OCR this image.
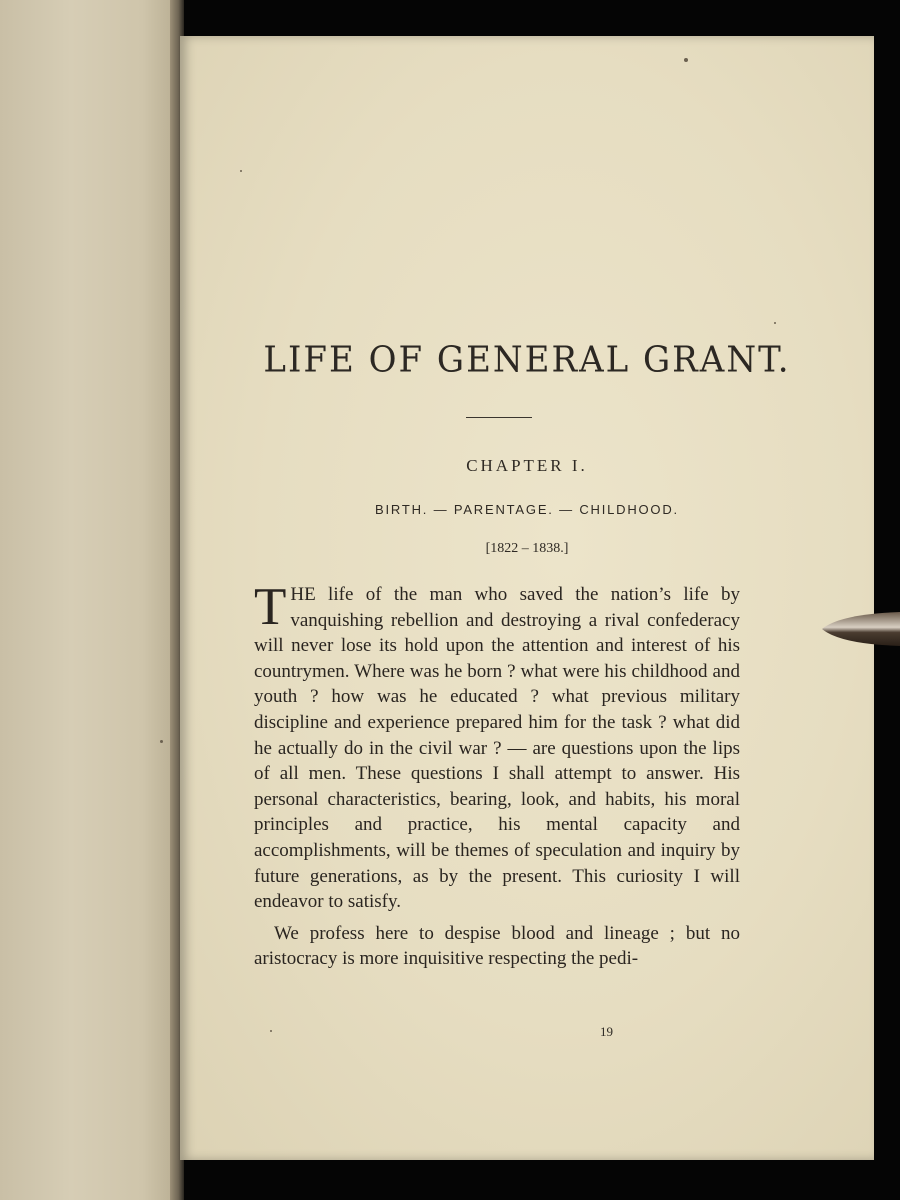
LIFE OF GENERAL GRANT.
CHAPTER I.
BIRTH. — PARENTAGE. — CHILDHOOD.
[1822 – 1838.]

THE life of the man who saved the nation’s life by vanquishing rebellion and destroying a rival confederacy will never lose its hold upon the attention and interest of his countrymen. Where was he born ? what were his childhood and youth ? how was he educated ? what previous military discipline and experience prepared him for the task ? what did he actually do in the civil war ? — are questions upon the lips of all men. These questions I shall attempt to answer. His personal characteristics, bearing, look, and habits, his moral principles and practice, his mental capacity and accomplishments, will be themes of speculation and inquiry by future generations, as by the present. This curiosity I will endeavor to satisfy.

We profess here to despise blood and lineage ; but no aristocracy is more inquisitive respecting the pedi-

19
